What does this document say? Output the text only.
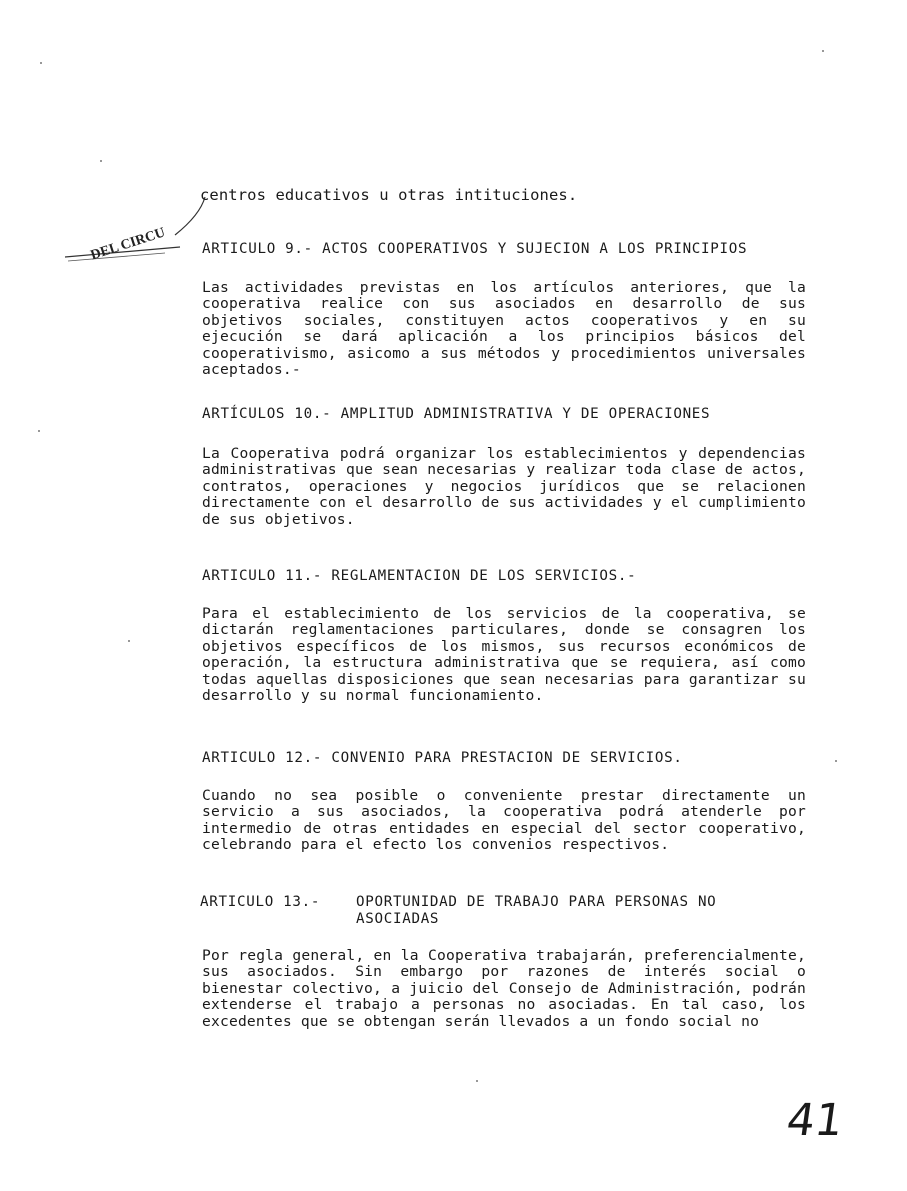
DEL CIRCU
centros educativos u otras intituciones.
ARTICULO 9.- ACTOS COOPERATIVOS Y SUJECION A LOS PRINCIPIOS
Las actividades previstas en los artículos anteriores, que la cooperativa realice con sus asociados en desarrollo de sus objetivos sociales, constituyen actos cooperativos y en su ejecución se dará aplicación a los principios básicos del cooperativismo, asicomo a sus métodos y procedimientos universales aceptados.-
ARTÍCULOS 10.- AMPLITUD ADMINISTRATIVA Y DE OPERACIONES
La Cooperativa podrá organizar los establecimientos y dependencias administrativas que sean necesarias y realizar toda clase de actos, contratos, operaciones y negocios jurídicos que se relacionen directamente con el desarrollo de sus actividades y el cumplimiento de sus objetivos.
ARTICULO 11.- REGLAMENTACION DE LOS SERVICIOS.-
Para el establecimiento de los servicios de la cooperativa, se dictarán reglamentaciones particulares, donde se consagren los objetivos específicos de los mismos, sus recursos económicos de operación, la estructura administrativa que se requiera, así como todas aquellas disposiciones que sean necesarias para garantizar su desarrollo y su normal funcionamiento.
ARTICULO 12.- CONVENIO PARA PRESTACION DE SERVICIOS.
Cuando no sea posible o conveniente prestar directamente un servicio a sus asociados, la cooperativa podrá atenderle por intermedio de otras entidades en especial del sector cooperativo, celebrando para el efecto los convenios respectivos.
ARTICULO 13.-	OPORTUNIDAD DE TRABAJO PARA PERSONAS NO
ASOCIADAS
Por regla general, en la Cooperativa trabajarán, preferencialmente, sus asociados. Sin embargo por razones de interés social o bienestar colectivo, a juicio del Consejo de Administración, podrán extenderse el trabajo a personas no asociadas. En tal caso, los excedentes que se obtengan serán llevados a un fondo social no
41
